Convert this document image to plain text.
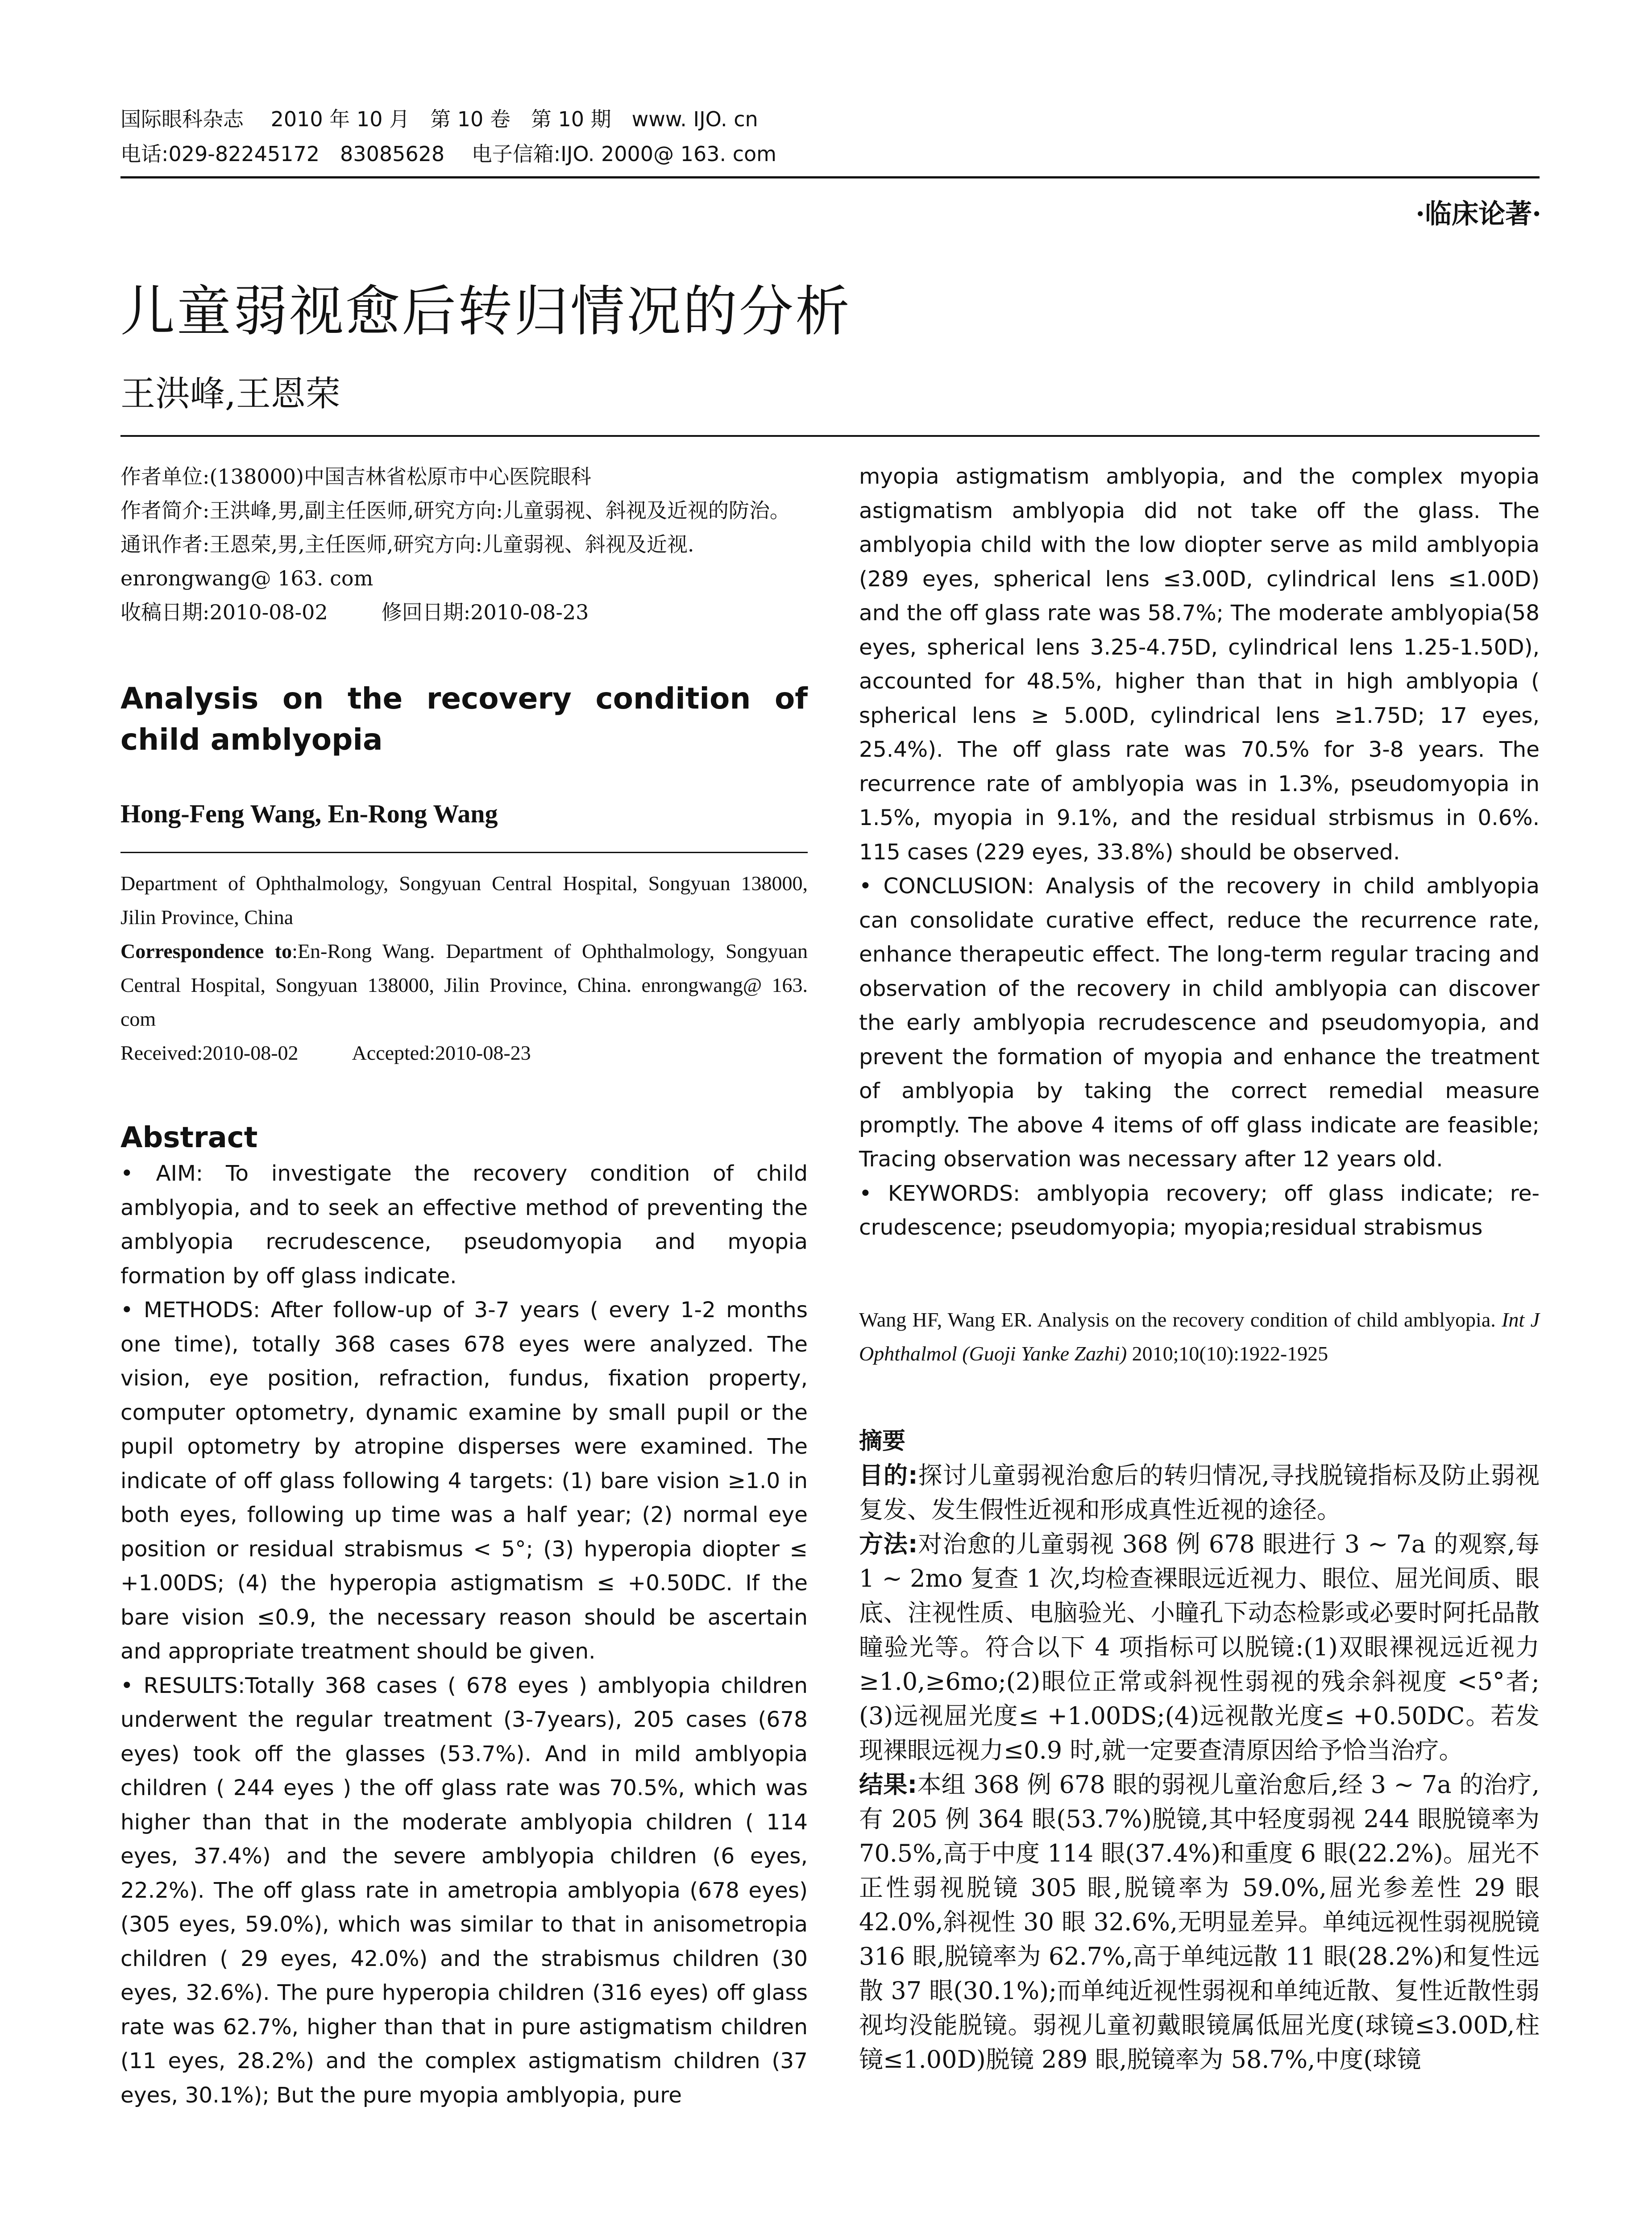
国际眼科杂志　 2010 年 10 月　第 10 卷　第 10 期　www. IJO. cn
电话:029-82245172　83085628　 电子信箱:IJO. 2000@ 163. com
·临床论著·
儿童弱视愈后转归情况的分析
王洪峰,王恩荣

作者单位:(138000)中国吉林省松原市中心医院眼科

作者简介:王洪峰,男,副主任医师,研究方向:儿童弱视、斜视及近视的防治。

通讯作者:王恩荣,男,主任医师,研究方向:儿童弱视、斜视及近视. enrongwang@ 163. com

收稿日期:2010-08-02	修回日期:2010-08-23

Analysis on the recovery condition of child amblyopia
Hong-Feng Wang, En-Rong Wang

Department of Ophthalmology, Songyuan Central Hospital, Songyuan 138000, Jilin Province, China

Correspondence to:En-Rong Wang. Department of Ophthalmology, Songyuan Central Hospital, Songyuan 138000, Jilin Province, China. enrongwang@ 163. com

Received:2010-08-02	Accepted:2010-08-23

Abstract

• AIM: To investigate the recovery condition of child amblyopia, and to seek an effective method of preventing the amblyopia recrudescence, pseudomyopia and myopia formation by off glass indicate.

• METHODS: After follow-up of 3-7 years ( every 1-2 months one time), totally 368 cases 678 eyes were analyzed. The vision, eye position, refraction, fundus, fixation property, computer optometry, dynamic examine by small pupil or the pupil optometry by atropine disperses were examined. The indicate of off glass following 4 targets: (1) bare vision ≥1.0 in both eyes, following up time was a half year; (2) normal eye position or residual strabismus < 5°; (3) hyperopia diopter ≤ +1.00DS; (4) the hyperopia astigmatism ≤ +0.50DC. If the bare vision ≤0.9, the necessary reason should be ascertain and appropriate treatment should be given.

• RESULTS:Totally 368 cases ( 678 eyes ) amblyopia children underwent the regular treatment (3-7years), 205 cases (678 eyes) took off the glasses (53.7%). And in mild amblyopia children ( 244 eyes ) the off glass rate was 70.5%, which was higher than that in the moderate amblyopia children ( 114 eyes, 37.4%) and the severe amblyopia children (6 eyes, 22.2%). The off glass rate in ametropia amblyopia (678 eyes) (305 eyes, 59.0%), which was similar to that in anisometropia children ( 29 eyes, 42.0%) and the strabismus children (30 eyes, 32.6%). The pure hyperopia children (316 eyes) off glass rate was 62.7%, higher than that in pure astigmatism children (11 eyes, 28.2%) and the complex astigmatism children (37 eyes, 30.1%); But the pure myopia amblyopia, pure

myopia astigmatism amblyopia, and the complex myopia astigmatism amblyopia did not take off the glass. The amblyopia child with the low diopter serve as mild amblyopia (289 eyes, spherical lens ≤3.00D, cylindrical lens ≤1.00D) and the off glass rate was 58.7%; The moderate amblyopia(58 eyes, spherical lens 3.25-4.75D, cylindrical lens 1.25-1.50D), accounted for 48.5%, higher than that in high amblyopia ( spherical lens ≥ 5.00D, cylindrical lens ≥1.75D; 17 eyes, 25.4%). The off glass rate was 70.5% for 3-8 years. The recurrence rate of amblyopia was in 1.3%, pseudomyopia in 1.5%, myopia in 9.1%, and the residual strbismus in 0.6%. 115 cases (229 eyes, 33.8%) should be observed.

• CONCLUSION: Analysis of the recovery in child amblyopia can consolidate curative effect, reduce the recurrence rate, enhance therapeutic effect. The long-term regular tracing and observation of the recovery in child amblyopia can discover the early amblyopia recrudescence and pseudomyopia, and prevent the formation of myopia and enhance the treatment of amblyopia by taking the correct remedial measure promptly. The above 4 items of off glass indicate are feasible; Tracing observation was necessary after 12 years old.

• KEYWORDS: amblyopia recovery; off glass indicate; re-crudescence; pseudomyopia; myopia;residual strabismus

Wang HF, Wang ER. Analysis on the recovery condition of child amblyopia. Int J Ophthalmol (Guoji Yanke Zazhi) 2010;10(10):1922-1925

摘要

目的:探讨儿童弱视治愈后的转归情况,寻找脱镜指标及防止弱视复发、发生假性近视和形成真性近视的途径。

方法:对治愈的儿童弱视 368 例 678 眼进行 3 ~ 7a 的观察,每 1 ~ 2mo 复查 1 次,均检查裸眼远近视力、眼位、屈光间质、眼底、注视性质、电脑验光、小瞳孔下动态检影或必要时阿托品散瞳验光等。符合以下 4 项指标可以脱镜:(1)双眼裸视远近视力≥1.0,≥6mo;(2)眼位正常或斜视性弱视的残余斜视度 <5°者;(3)远视屈光度≤ +1.00DS;(4)远视散光度≤ +0.50DC。若发现裸眼远视力≤0.9 时,就一定要查清原因给予恰当治疗。

结果:本组 368 例 678 眼的弱视儿童治愈后,经 3 ~ 7a 的治疗,有 205 例 364 眼(53.7%)脱镜,其中轻度弱视 244 眼脱镜率为 70.5%,高于中度 114 眼(37.4%)和重度 6 眼(22.2%)。屈光不正性弱视脱镜 305 眼,脱镜率为 59.0%,屈光参差性 29 眼 42.0%,斜视性 30 眼 32.6%,无明显差异。单纯远视性弱视脱镜 316 眼,脱镜率为 62.7%,高于单纯远散 11 眼(28.2%)和复性远散 37 眼(30.1%);而单纯近视性弱视和单纯近散、复性近散性弱视均没能脱镜。弱视儿童初戴眼镜属低屈光度(球镜≤3.00D,柱镜≤1.00D)脱镜 289 眼,脱镜率为 58.7%,中度(球镜
